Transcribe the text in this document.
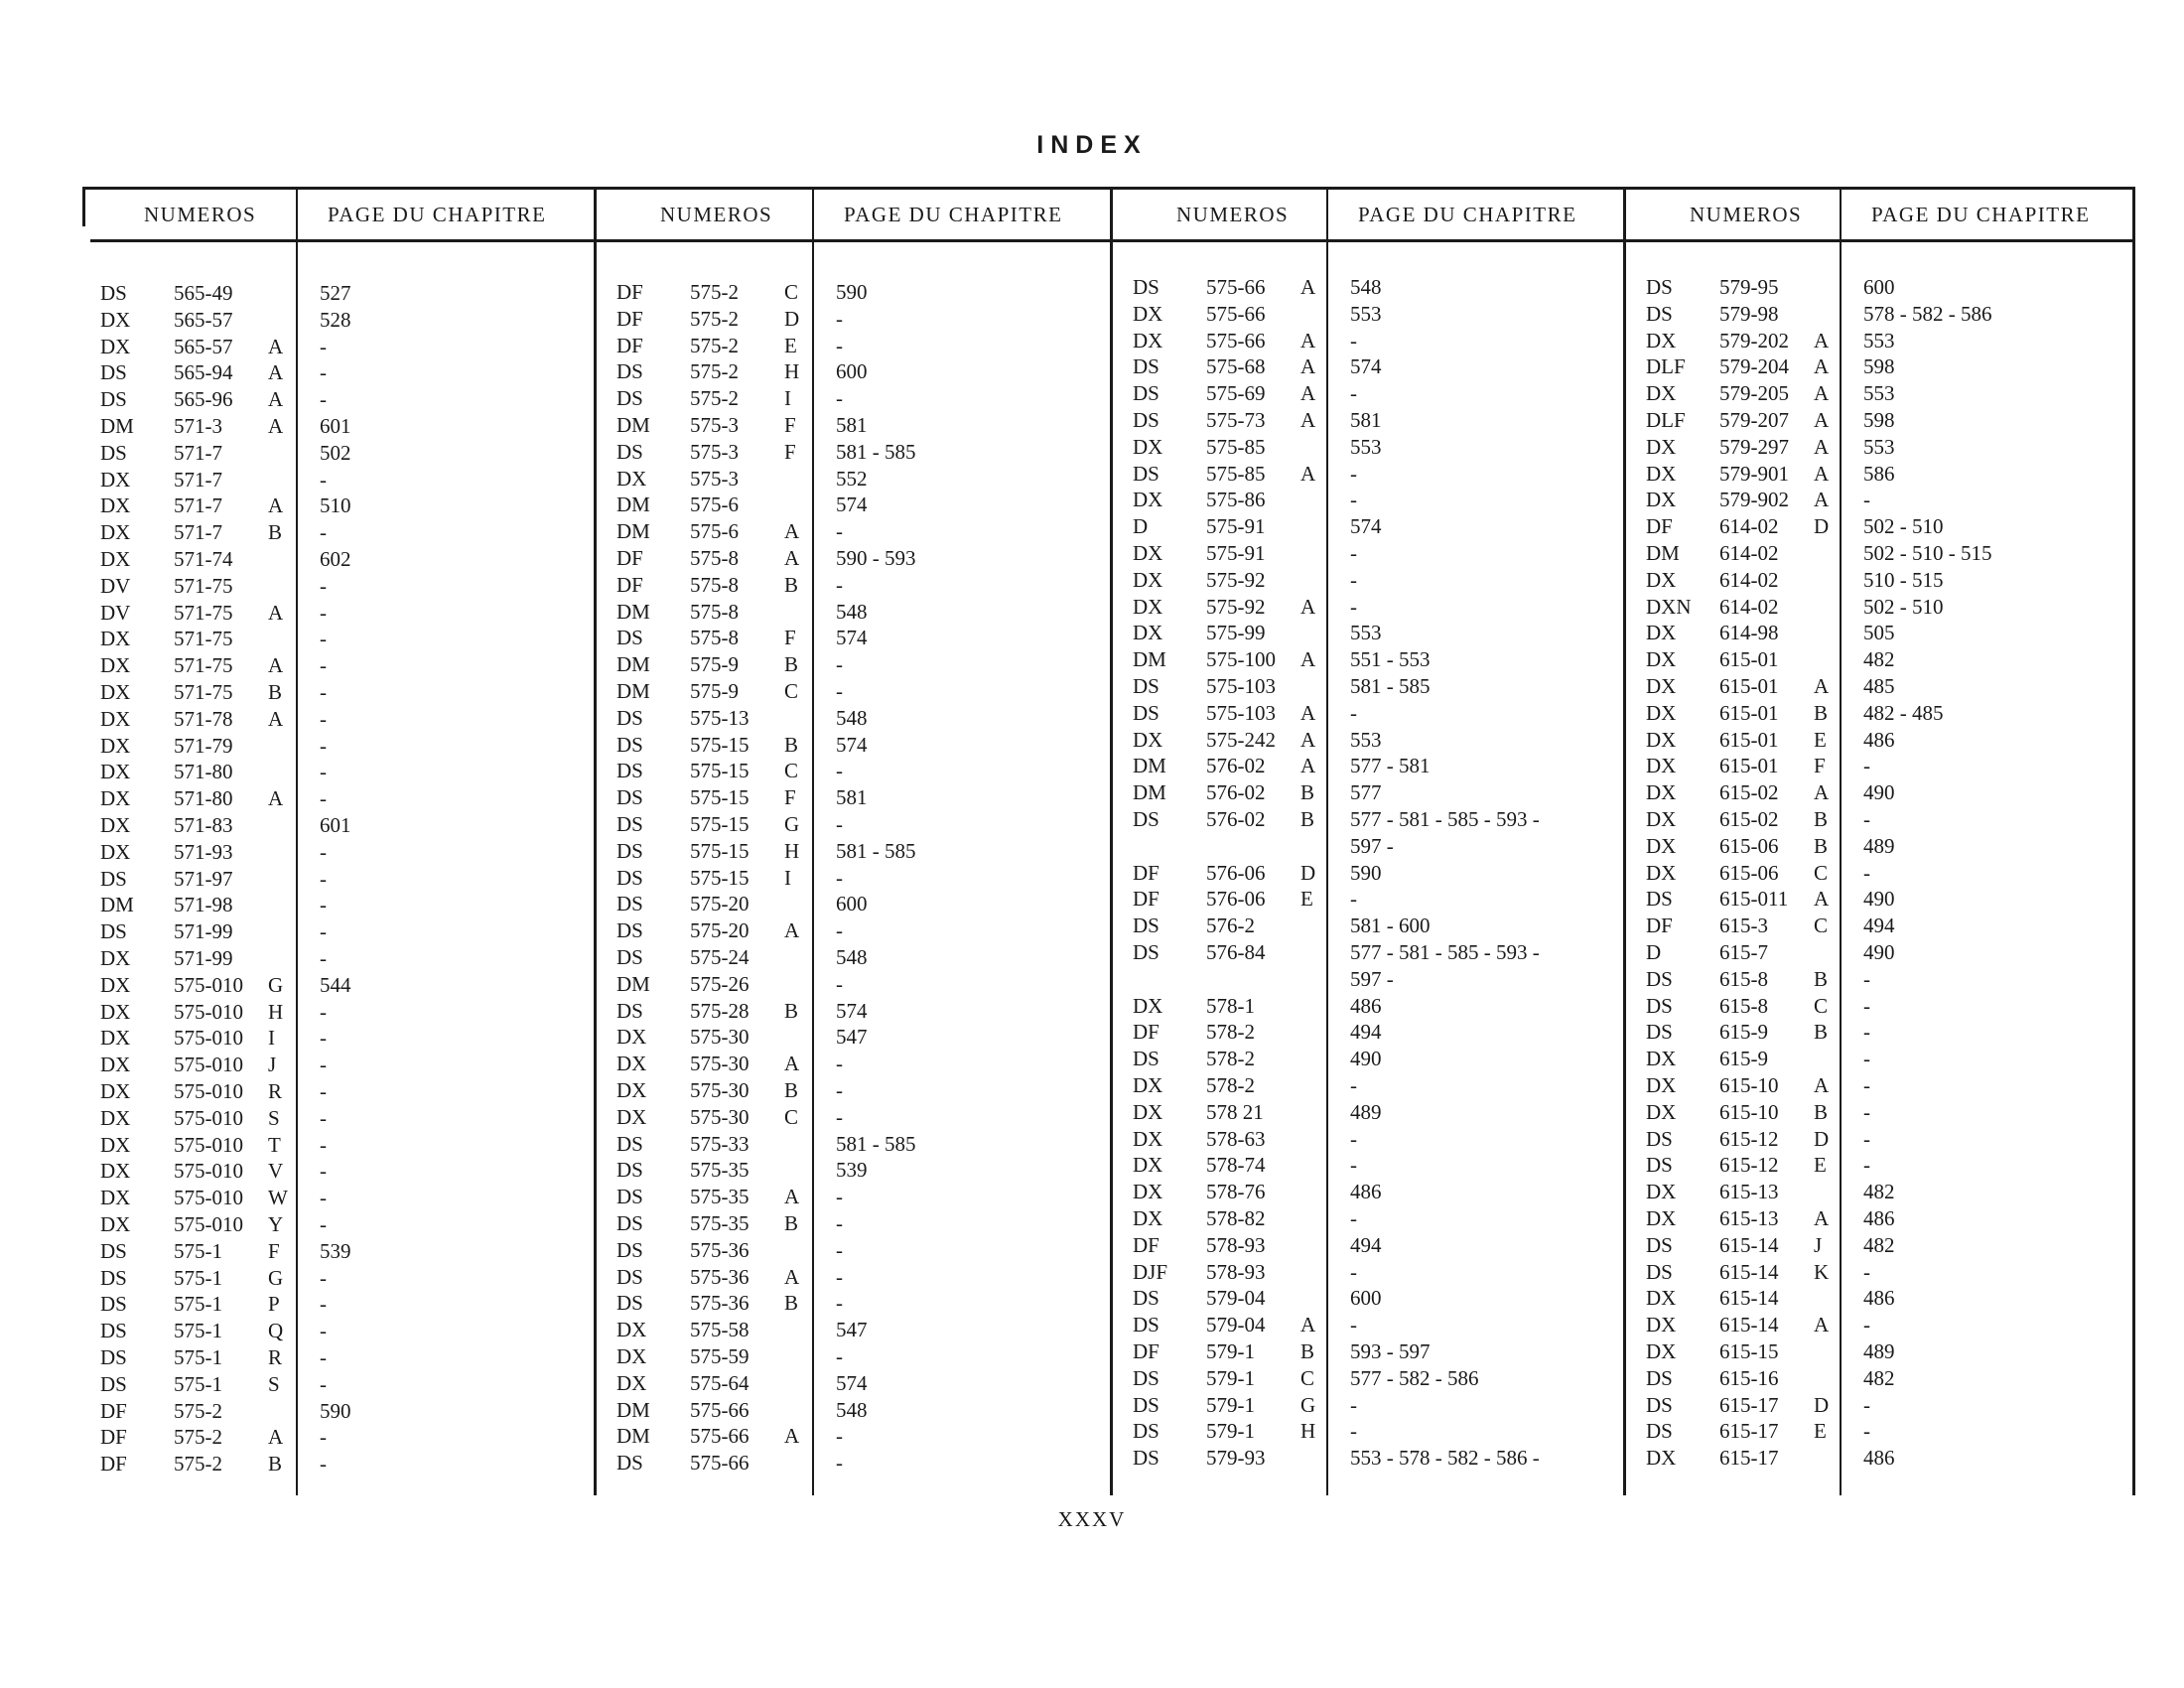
INDEX
NUMEROS	PAGE DU CHAPITRE
DS 565-49	527
DX 565-57	528
DX 565-57 A -
DS 565-94 A -
DS 565-96 A -
DM 571-3 A 601
DS 571-7	502
DX 571-7	-
DX 571-7 A 510
DX 571-7 B -
DX 571-74	602
DV 571-75	-
DV 571-75 A -
DX 571-75	-
DX 571-75 A -
DX 571-75 B -
DX 571-78 A -
DX 571-79	-
DX 571-80	-
DX 571-80 A -
DX 571-83	601
DX 571-93	-
DS 571-97	-
DM 571-98	-
DS 571-99	-
DX 571-99	-
DX 575-010 G 544
DX 575-010 H -
DX 575-010 I -
DX 575-010 J -
DX 575-010 R -
DX 575-010 S -
DX 575-010 T -
DX 575-010 V -
DX 575-010 W -
DX 575-010 Y -
DS 575-1 F 539
DS 575-1 G -
DS 575-1 P -
DS 575-1 Q -
DS 575-1 R -
DS 575-1 S -
DF 575-2	590
DF 575-2 A -
DF 575-2 B -
NUMEROS	PAGE DU CHAPITRE
DF 575-2 C 590
DF 575-2 D -
DF 575-2 E -
DS 575-2 H 600
DS 575-2 I -
DM 575-3 F 581
DS 575-3 F 581 - 585
DX 575-3	552
DM 575-6	574
DM 575-6 A -
DF 575-8 A 590 - 593
DF 575-8 B -
DM 575-8	548
DS 575-8 F 574
DM 575-9 B -
DM 575-9 C -
DS 575-13	548
DS 575-15 B 574
DS 575-15 C -
DS 575-15 F 581
DS 575-15 G -
DS 575-15 H 581 - 585
DS 575-15 I -
DS 575-20	600
DS 575-20 A -
DS 575-24	548
DM 575-26	-
DS 575-28 B 574
DX 575-30	547
DX 575-30 A -
DX 575-30 B -
DX 575-30 C -
DS 575-33	581 - 585
DS 575-35	539
DS 575-35 A -
DS 575-35 B -
DS 575-36	-
DS 575-36 A -
DS 575-36 B -
DX 575-58	547
DX 575-59	-
DX 575-64	574
DM 575-66	548
DM 575-66 A -
DS 575-66	-
NUMEROS	PAGE DU CHAPITRE
DS 575-66 A 548
DX 575-66	553
DX 575-66 A -
DS 575-68 A 574
DS 575-69 A -
DS 575-73 A 581
DX 575-85	553
DS 575-85 A -
DX 575-86	-
D	575-91	574
DX 575-91	-
DX 575-92	-
DX 575-92 A -
DX 575-99	553
DM 575-100 A 551 - 553
DS 575-103	581 - 585
DS 575-103 A -
DX 575-242 A 553
DM 576-02 A 577 - 581
DM 576-02 B 577
DS 576-02 B 577 - 581 - 585 - 593 -
597 -
DF 576-06 D 590
DF 576-06 E -
DS 576-2	581 - 600
DS 576-84	577 - 581 - 585 - 593 -
597 -
DX 578-1	486
DF 578-2	494
DS 578-2	490
DX 578-2	-
DX 578 21	489
DX 578-63	-
DX 578-74	-
DX 578-76	486
DX 578-82	-
DF 578-93	494
DJF 578-93	-
DS 579-04	600
DS 579-04 A -
DF 579-1 B 593 - 597
DS 579-1 C 577 - 582 - 586
DS 579-1 G -
DS 579-1 H -
DS 579-93	553 - 578 - 582 - 586 -
NUMEROS	PAGE DU CHAPITRE
DS 579-95	600
DS 579-98	578 - 582 - 586
DX 579-202 A 553
DLF 579-204 A 598
DX 579-205 A 553
DLF 579-207 A 598
DX 579-297 A 553
DX 579-901 A 586
DX 579-902 A -
DF 614-02 D 502 - 510
DM 614-02	502 - 510 - 515
DX 614-02	510 - 515
DXN 614-02	502 - 510
DX 614-98	505
DX 615-01	482
DX 615-01 A 485
DX 615-01 B 482 - 485
DX 615-01 E 486
DX 615-01 F -
DX 615-02 A 490
DX 615-02 B -
DX 615-06 B 489
DX 615-06 C -
DS 615-011 A 490
DF 615-3 C 494
D	615-7	490
DS 615-8 B -
DS 615-8 C -
DS 615-9 B -
DX 615-9	-
DX 615-10 A -
DX 615-10 B -
DS 615-12 D -
DS 615-12 E -
DX 615-13	482
DX 615-13 A 486
DS 615-14 J 482
DS 615-14 K -
DX 615-14	486
DX 615-14 A -
DX 615-15	489
DS 615-16	482
DS 615-17 D -
DS 615-17 E -
DX 615-17	486
XXXV
